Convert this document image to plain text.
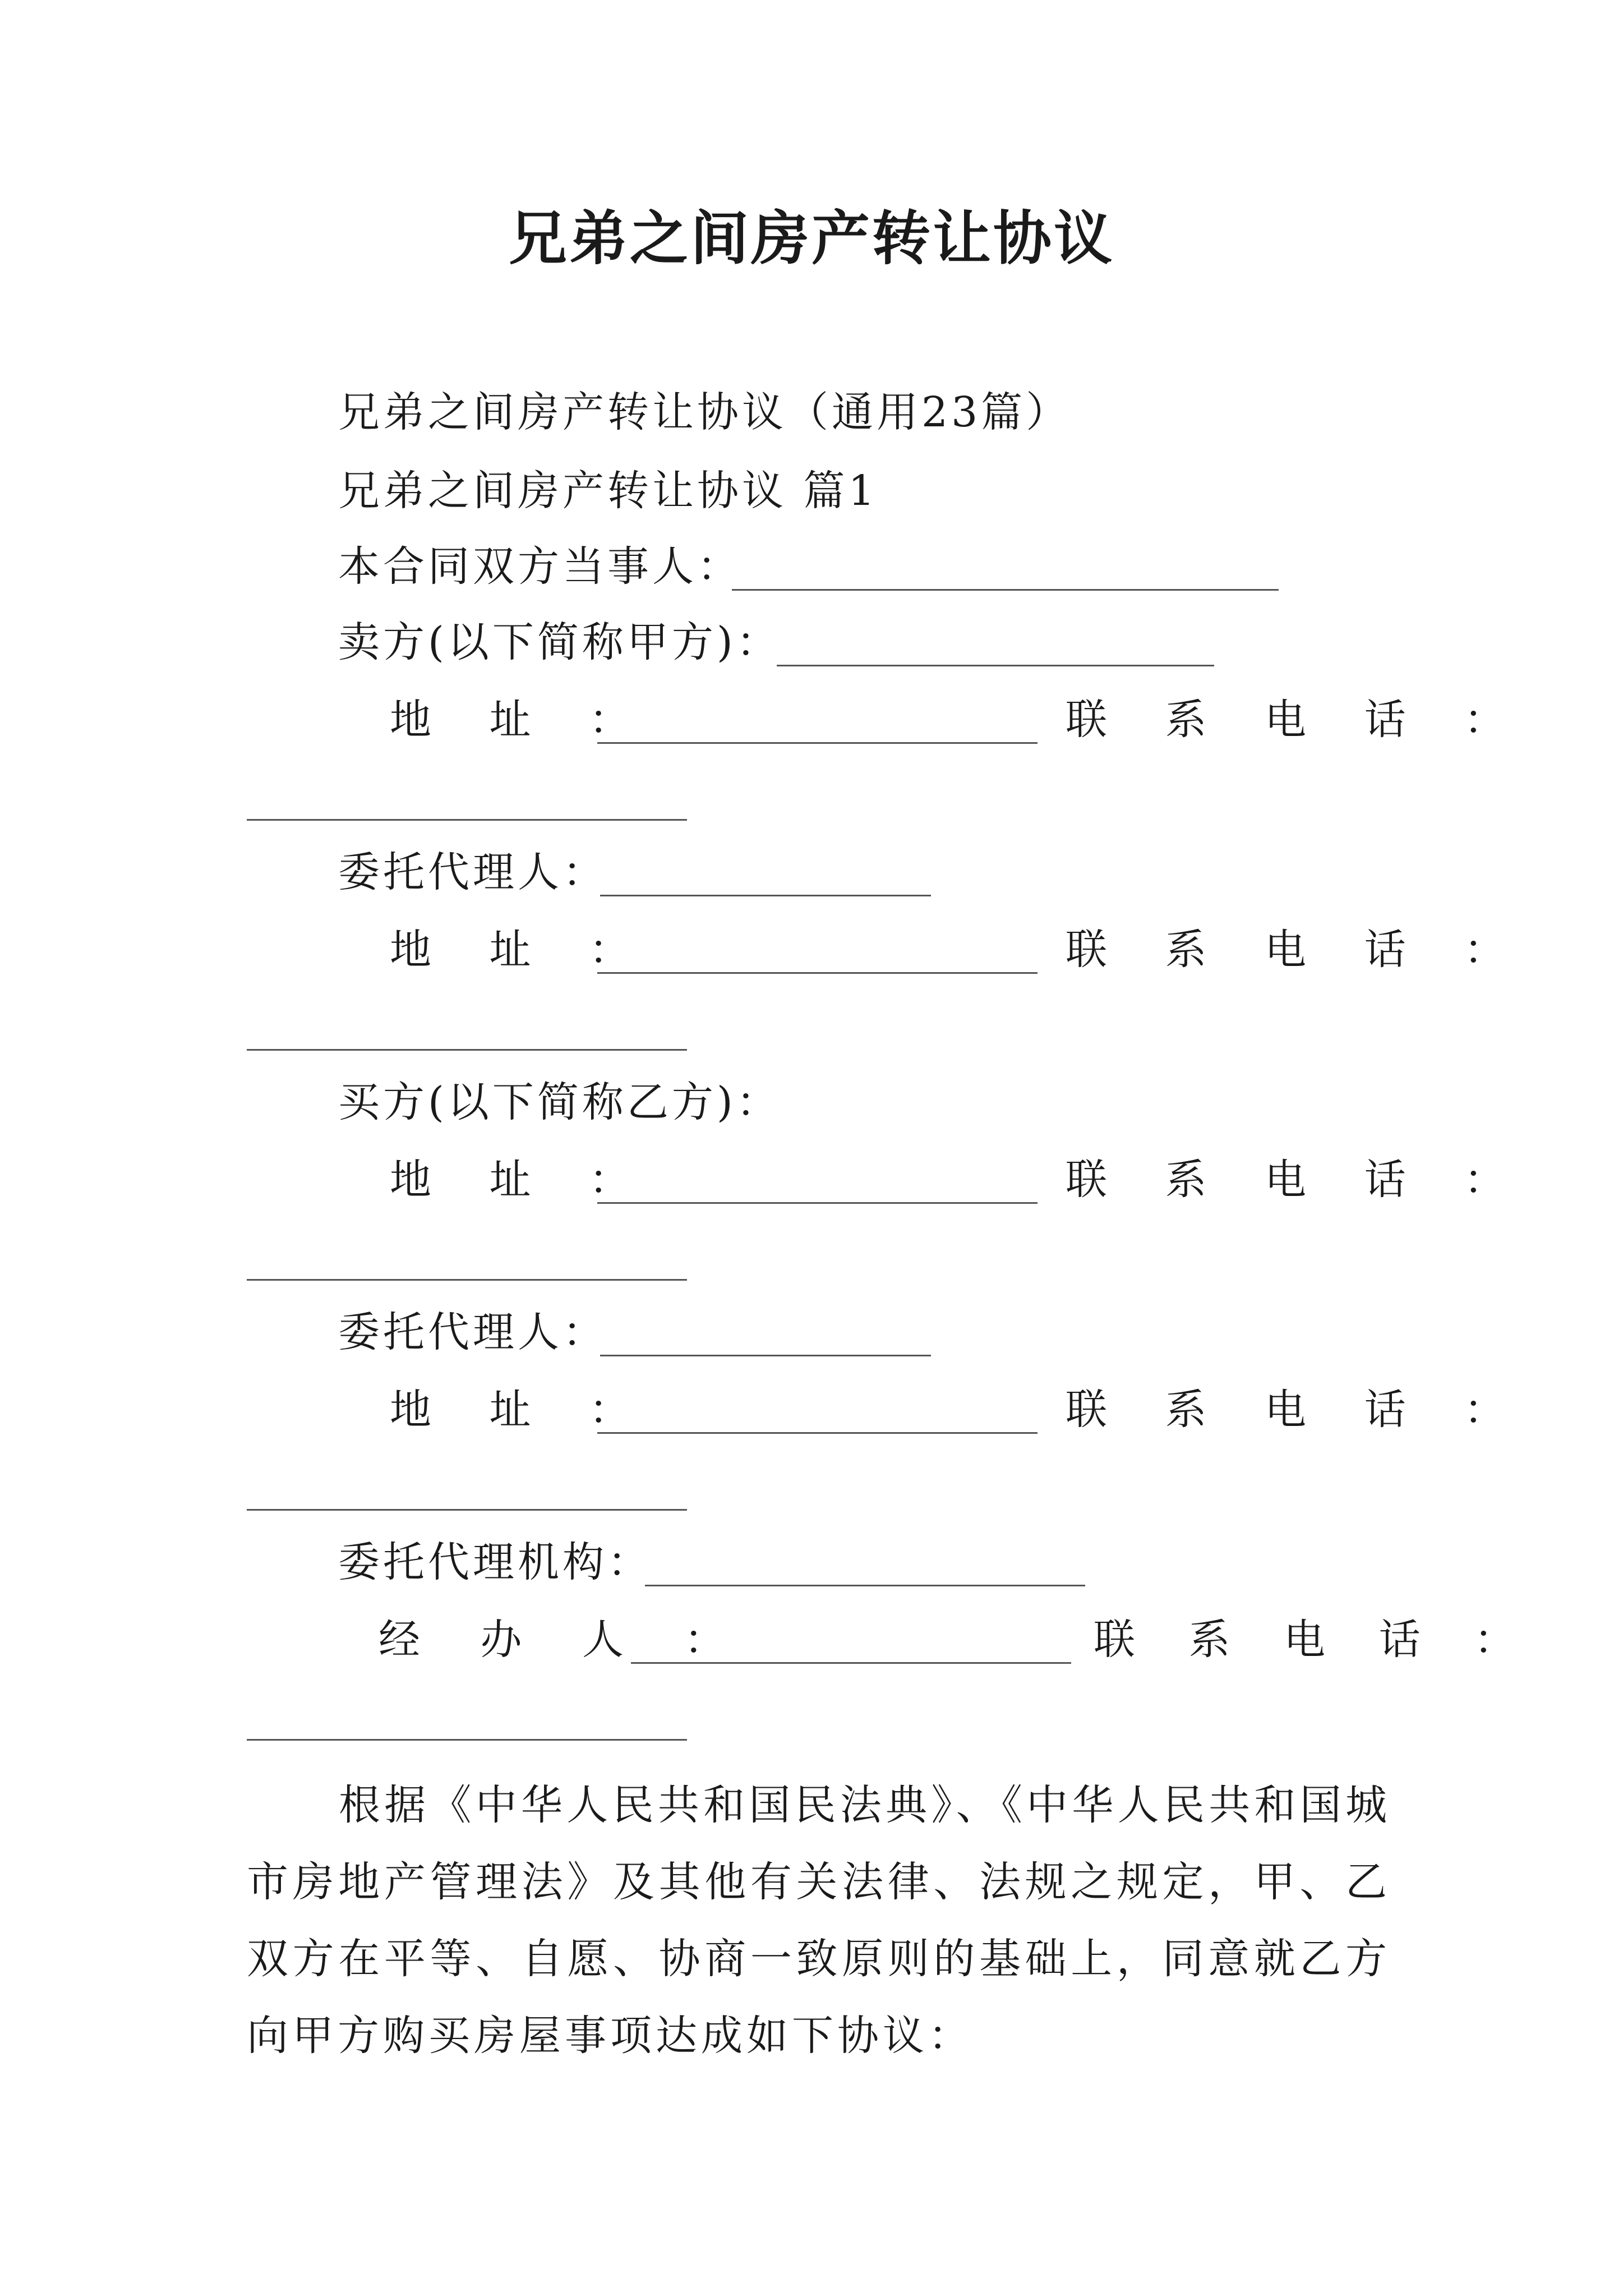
兄弟之间房产转让协议
兄弟之间房产转让协议（通用23篇）
兄弟之间房产转让协议 篇1
本合同双方当事人：
卖方(以下简称甲方)：
地 址 ：	联 系 电 话 ：
委托代理人：
地 址 ：	联 系 电 话 ：
买方(以下简称乙方)：
地 址 ：	联 系 电 话 ：
委托代理人：
地 址 ：	联 系 电 话 ：
委托代理机构：
经 办 人 ：	联 系 电 话 ：
根据《中华人民共和国民法典》、《中华人民共和国城市房地产管理法》及其他有关法律、法规之规定，甲、乙双方在平等、自愿、协商一致原则的基础上，同意就乙方向甲方购买房屋事项达成如下协议：
